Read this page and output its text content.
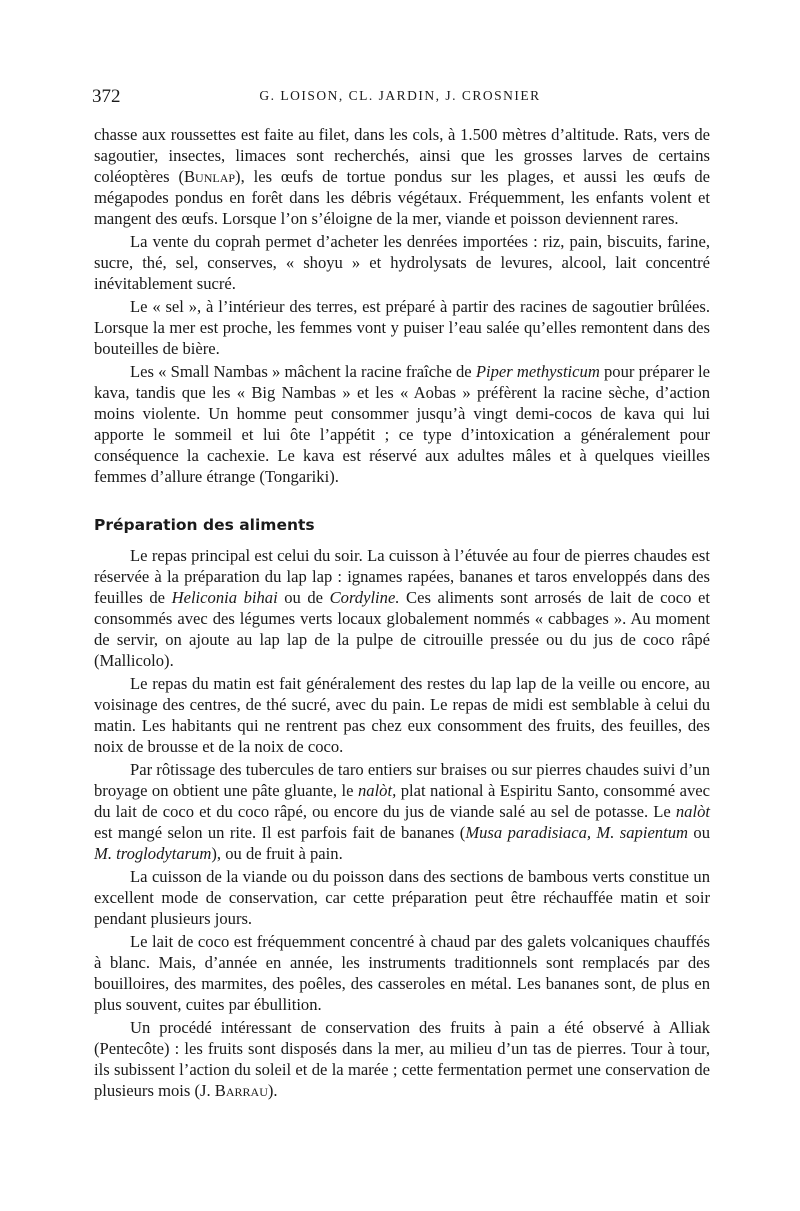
372	G. LOISON, CL. JARDIN, J. CROSNIER

chasse aux roussettes est faite au filet, dans les cols, à 1.500 mètres d’altitude. Rats, vers de sagoutier, insectes, limaces sont recherchés, ainsi que les grosses larves de certains coléoptères (Bunlap), les œufs de tortue pondus sur les plages, et aussi les œufs de mégapodes pondus en forêt dans les débris végétaux. Fréquemment, les enfants volent et mangent des œufs. Lorsque l’on s’éloigne de la mer, viande et poisson deviennent rares.

La vente du coprah permet d’acheter les denrées importées : riz, pain, biscuits, farine, sucre, thé, sel, conserves, « shoyu » et hydrolysats de levures, alcool, lait concentré inévitablement sucré.

Le « sel », à l’intérieur des terres, est préparé à partir des racines de sagoutier brûlées. Lorsque la mer est proche, les femmes vont y puiser l’eau salée qu’elles remontent dans des bouteilles de bière.

Les « Small Nambas » mâchent la racine fraîche de Piper methysticum pour préparer le kava, tandis que les « Big Nambas » et les « Aobas » préfèrent la racine sèche, d’action moins violente. Un homme peut consommer jusqu’à vingt demi-cocos de kava qui lui apporte le sommeil et lui ôte l’appétit ; ce type d’intoxication a généralement pour conséquence la cachexie. Le kava est réservé aux adultes mâles et à quelques vieilles femmes d’allure étrange (Tongariki).

Préparation des aliments

Le repas principal est celui du soir. La cuisson à l’étuvée au four de pierres chaudes est réservée à la préparation du lap lap : ignames rapées, bananes et taros enveloppés dans des feuilles de Heliconia bihai ou de Cordyline. Ces aliments sont arrosés de lait de coco et consommés avec des légumes verts locaux globalement nommés « cabbages ». Au moment de servir, on ajoute au lap lap de la pulpe de citrouille pressée ou du jus de coco râpé (Mallicolo).

Le repas du matin est fait généralement des restes du lap lap de la veille ou encore, au voisinage des centres, de thé sucré, avec du pain. Le repas de midi est semblable à celui du matin. Les habitants qui ne rentrent pas chez eux consomment des fruits, des feuilles, des noix de brousse et de la noix de coco.

Par rôtissage des tubercules de taro entiers sur braises ou sur pierres chaudes suivi d’un broyage on obtient une pâte gluante, le nalòt, plat national à Espiritu Santo, consommé avec du lait de coco et du coco râpé, ou encore du jus de viande salé au sel de potasse. Le nalòt est mangé selon un rite. Il est parfois fait de bananes (Musa paradisiaca, M. sapientum ou M. troglodytarum), ou de fruit à pain.

La cuisson de la viande ou du poisson dans des sections de bambous verts constitue un excellent mode de conservation, car cette préparation peut être réchauffée matin et soir pendant plusieurs jours.

Le lait de coco est fréquemment concentré à chaud par des galets volcaniques chauffés à blanc. Mais, d’année en année, les instruments traditionnels sont remplacés par des bouilloires, des marmites, des poêles, des casseroles en métal. Les bananes sont, de plus en plus souvent, cuites par ébullition.

Un procédé intéressant de conservation des fruits à pain a été observé à Alliak (Pentecôte) : les fruits sont disposés dans la mer, au milieu d’un tas de pierres. Tour à tour, ils subissent l’action du soleil et de la marée ; cette fermentation permet une conservation de plusieurs mois (J. Barrau).
